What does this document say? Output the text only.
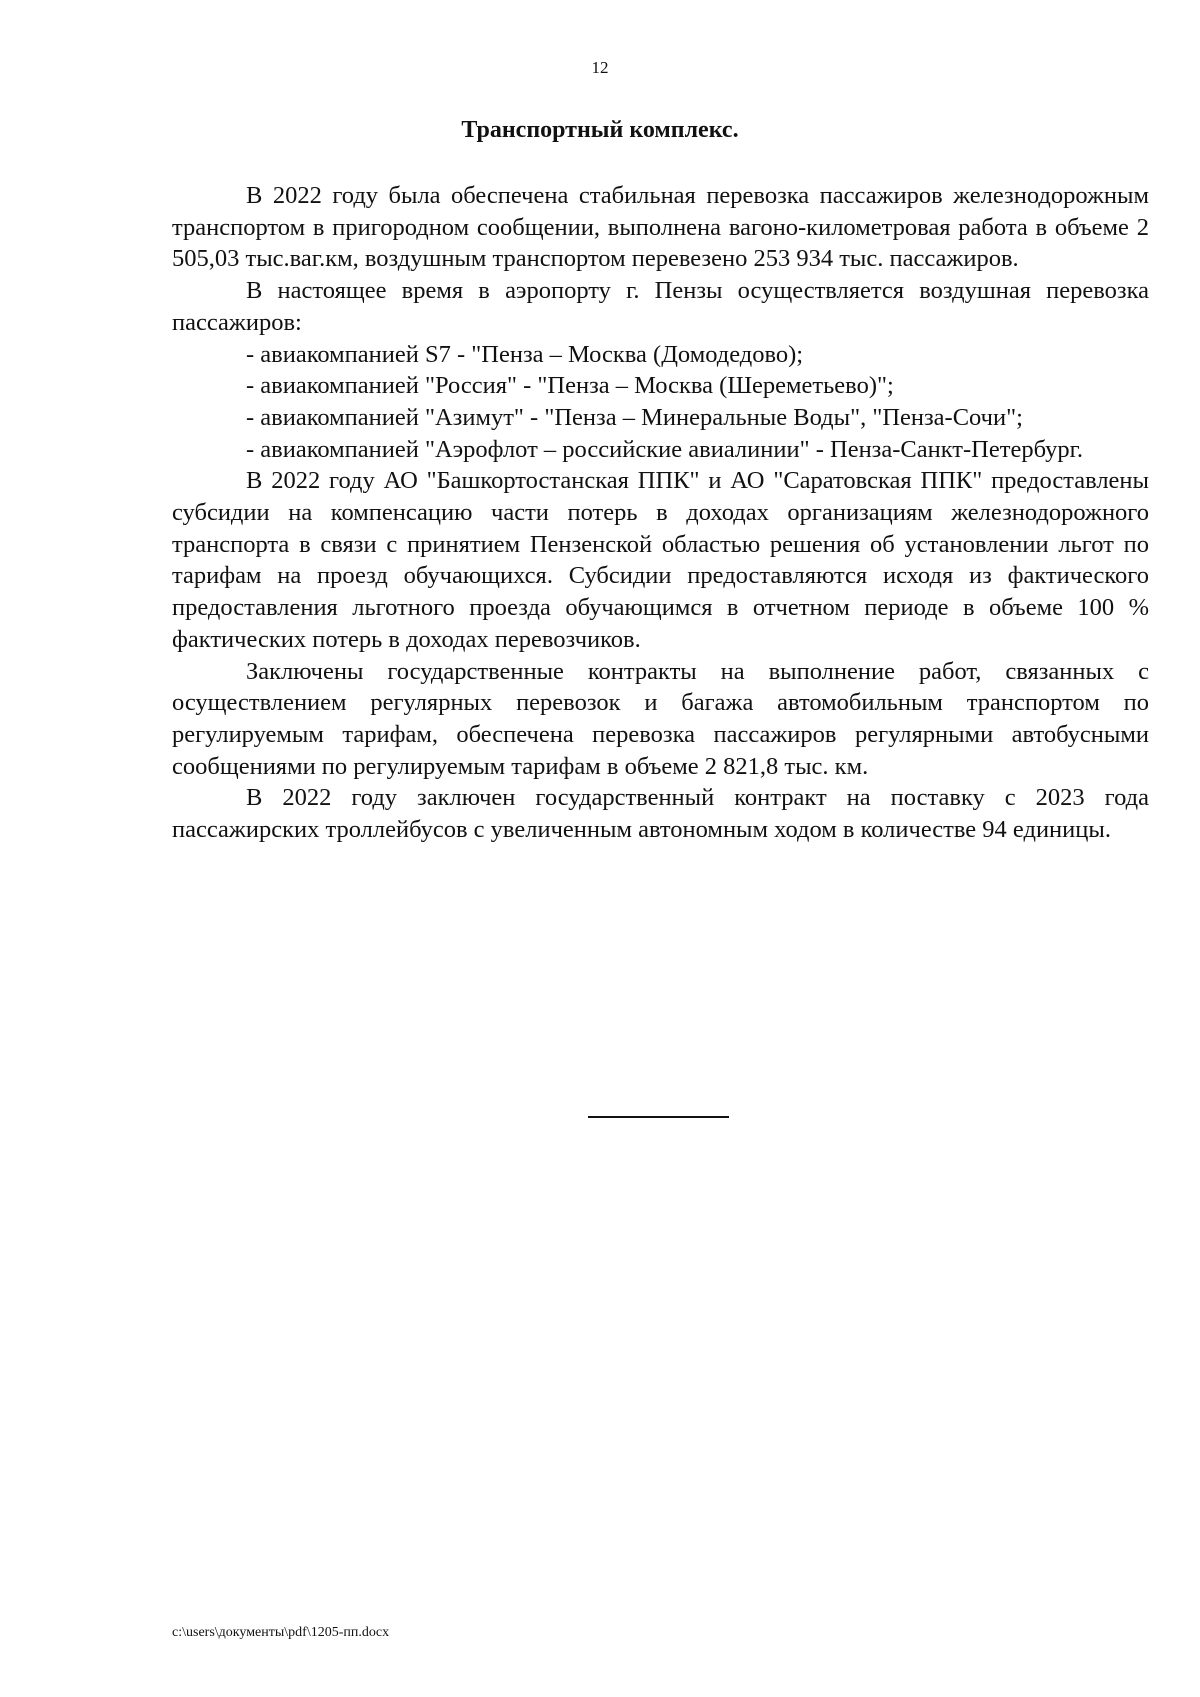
12
Транспортный комплекс.

В 2022 году была обеспечена стабильная перевозка пассажиров железнодорожным транспортом в пригородном сообщении, выполнена вагоно-километровая работа в объеме 2 505,03 тыс.ваг.км, воздушным транспортом перевезено 253 934 тыс. пассажиров.

В настоящее время в аэропорту г. Пензы осуществляется воздушная перевозка пассажиров:

- авиакомпанией S7 - "Пенза – Москва (Домодедово);

- авиакомпанией "Россия" - "Пенза – Москва (Шереметьево)";

- авиакомпанией "Азимут" - "Пенза – Минеральные Воды", "Пенза-Сочи";

- авиакомпанией "Аэрофлот – российские авиалинии" - Пенза-Санкт-Петербург.

В 2022 году АО "Башкортостанская ППК" и АО "Саратовская ППК" предоставлены субсидии на компенсацию части потерь в доходах организациям железнодорожного транспорта в связи с принятием Пензенской областью решения об установлении льгот по тарифам на проезд обучающихся. Субсидии предоставляются исходя из фактического предоставления льготного проезда обучающимся в отчетном периоде в объеме 100 % фактических потерь в доходах перевозчиков.

Заключены государственные контракты на выполнение работ, связанных с осуществлением регулярных перевозок и багажа автомобильным транспортом по регулируемым тарифам, обеспечена перевозка пассажиров регулярными автобусными сообщениями по регулируемым тарифам в объеме 2 821,8 тыс. км.

В 2022 году заключен государственный контракт на поставку с 2023 года пассажирских троллейбусов с увеличенным автономным ходом в количестве 94 единицы.

c:\users\документы\pdf\1205-пп.docx
